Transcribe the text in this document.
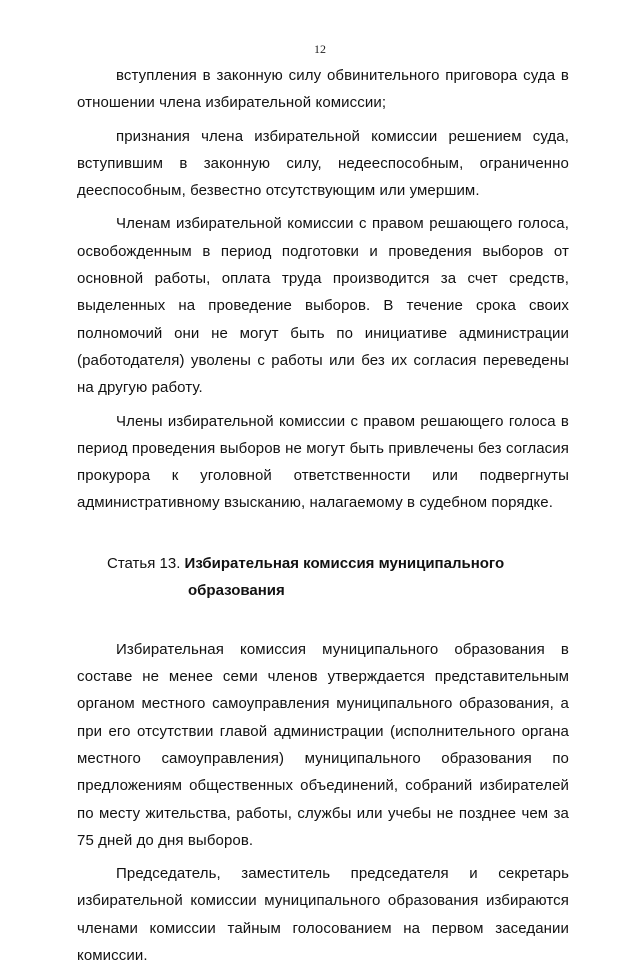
12

вступления в законную силу обвинительного приговора суда в отношении члена избирательной комиссии;

признания члена избирательной комиссии решением суда, вступившим в законную силу, недееспособным, ограниченно дееспособным, безвестно отсутствующим или умершим.

Членам избирательной комиссии с правом решающего голоса, освобожденным в период подготовки и проведения выборов от основной работы, оплата труда производится за счет средств, выделенных на проведение выборов. В течение срока своих полномочий они не могут быть по инициативе администрации (работодателя) уволены с работы или без их согласия переведены на другую работу.

Члены избирательной комиссии с правом решающего голоса в период проведения выборов не могут быть привлечены без согласия прокурора к уголовной ответственности или подвергнуты административному взысканию, налагаемому в судебном порядке.

Статья 13. Избирательная комиссия муниципального
образования

Избирательная комиссия муниципального образования в составе не менее семи членов утверждается представительным органом местного самоуправления муниципального образования, а при его отсутствии главой администрации (исполнительного органа местного самоуправления) муниципального образования по предложениям общественных объединений, собраний избирателей по месту жительства, работы, службы или учебы не позднее чем за 75 дней до дня выборов.

Председатель, заместитель председателя и секретарь избирательной комиссии муниципального образования избираются членами комиссии тайным голосованием на первом заседании комиссии.
